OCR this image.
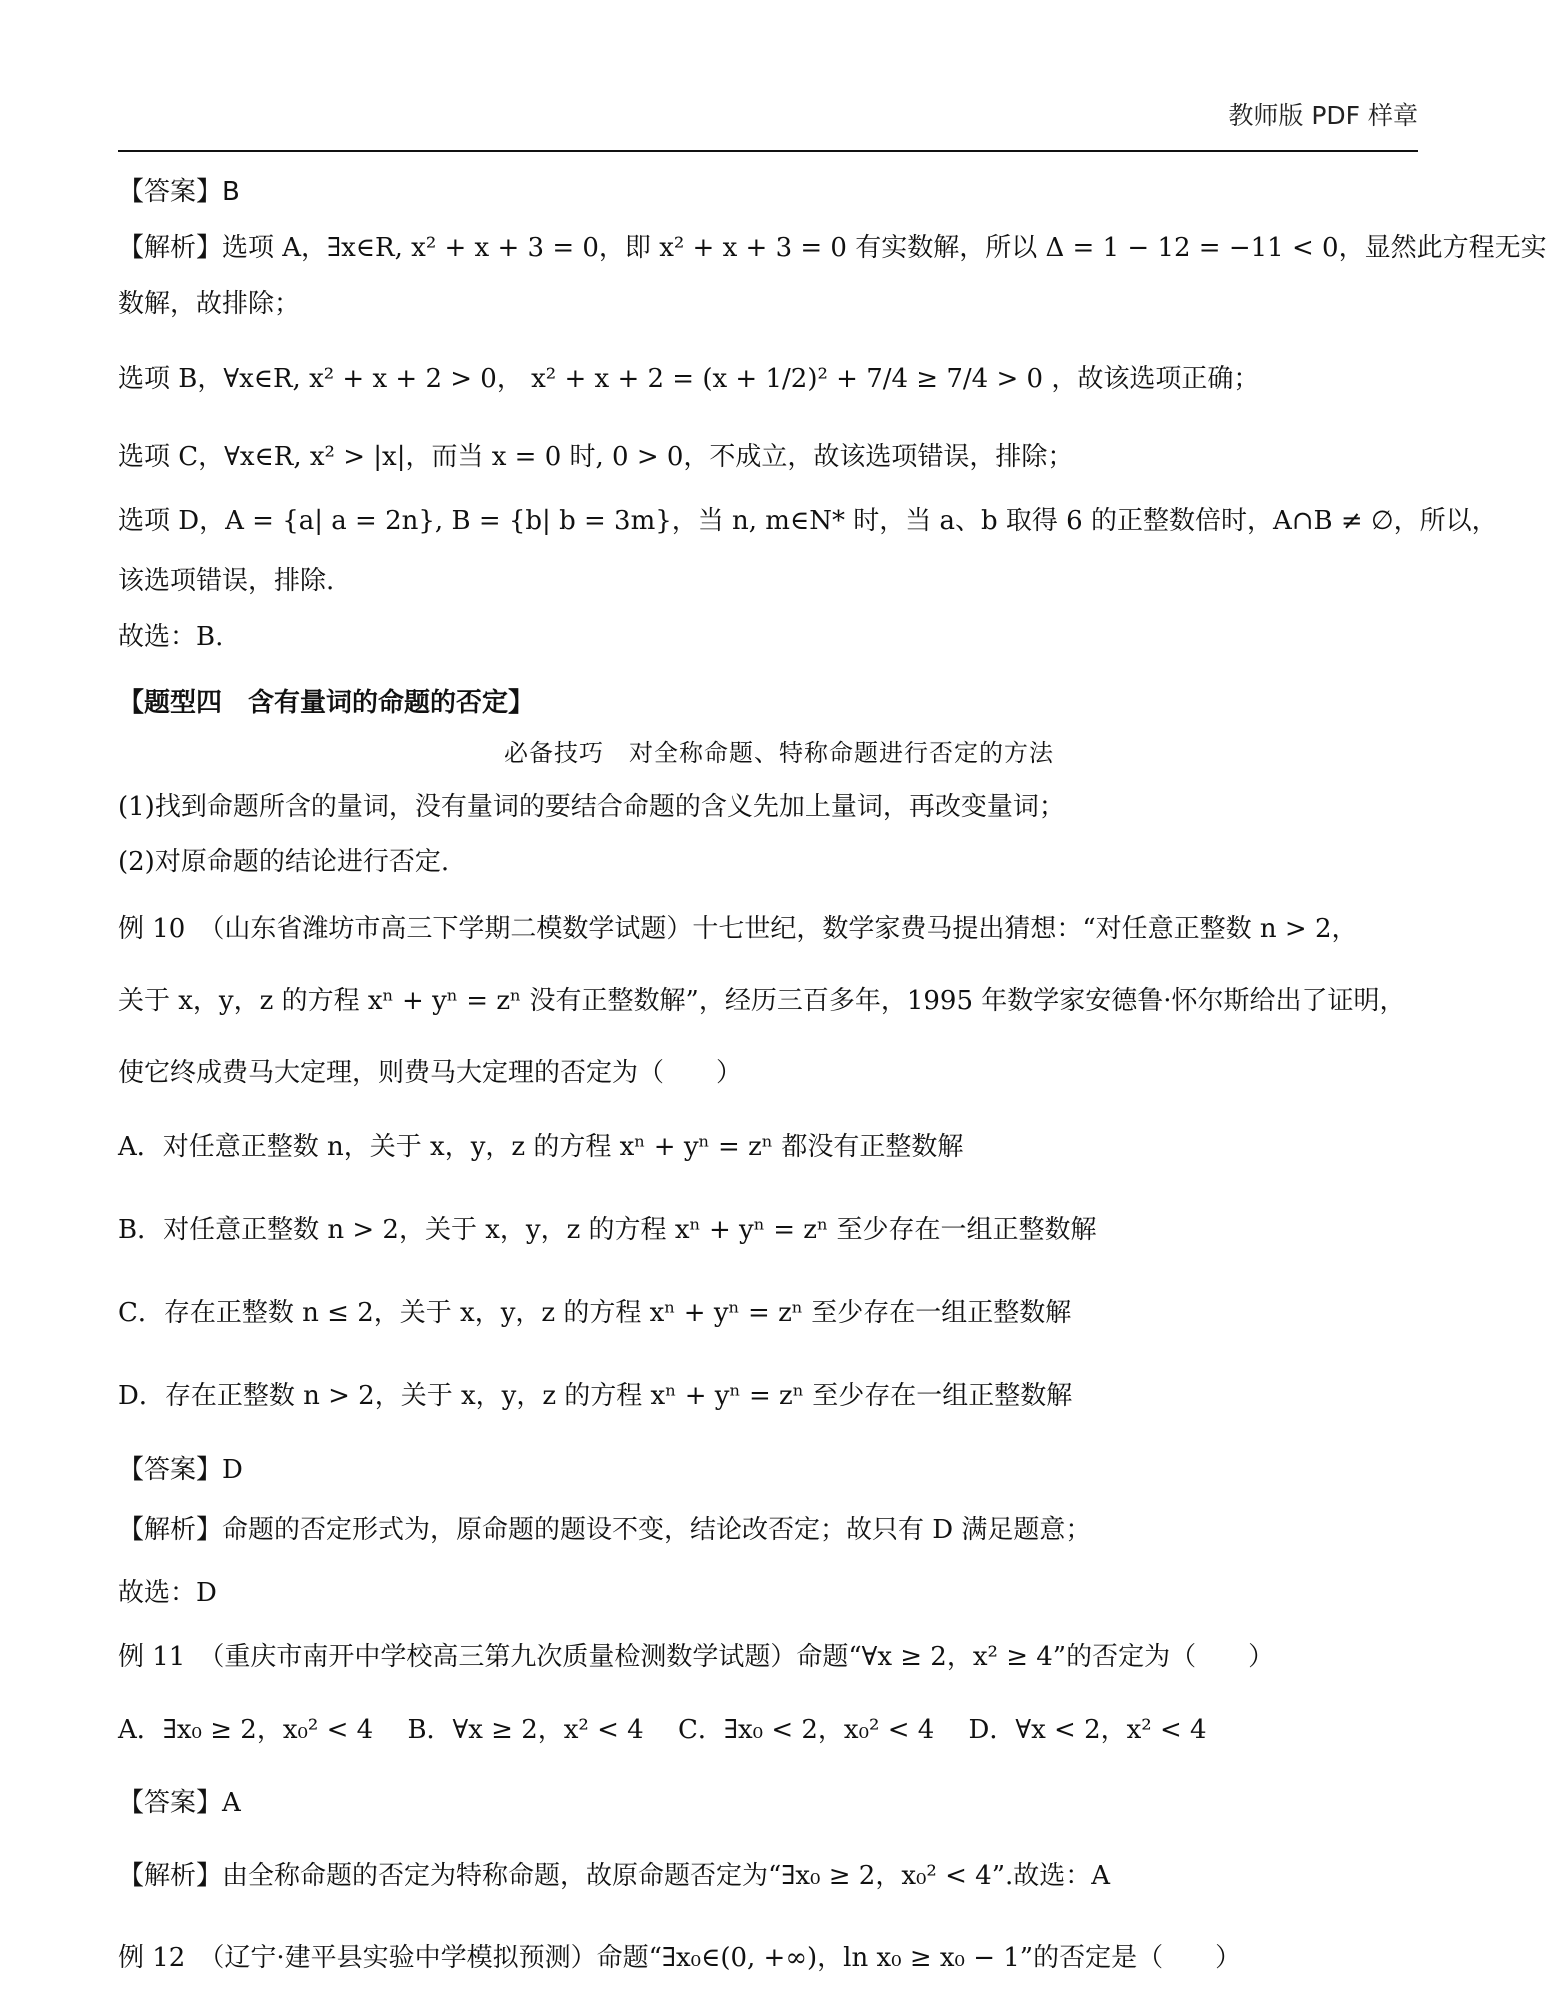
教师版 PDF 样章
【答案】B
【解析】选项 A，∃x∈R, x² + x + 3 = 0，即 x² + x + 3 = 0 有实数解，所以 Δ = 1 − 12 = −11 < 0，显然此方程无实
数解，故排除；
选项 B，∀x∈R, x² + x + 2 > 0， x² + x + 2 = (x + 1/2)² + 7/4 ≥ 7/4 > 0 ，故该选项正确；
选项 C，∀x∈R, x² > |x|，而当 x = 0 时, 0 > 0，不成立，故该选项错误，排除；
选项 D，A = {a| a = 2n}, B = {b| b = 3m}，当 n, m∈N* 时，当 a、b 取得 6 的正整数倍时，A∩B ≠ ∅，所以，
该选项错误，排除.
故选：B.
【题型四　含有量词的命题的否定】
必备技巧　对全称命题、特称命题进行否定的方法
(1)找到命题所含的量词，没有量词的要结合命题的含义先加上量词，再改变量词；
(2)对原命题的结论进行否定.
例 10　（山东省潍坊市高三下学期二模数学试题）十七世纪，数学家费马提出猜想：“对任意正整数 n > 2，
关于 x，y，z 的方程 xⁿ + yⁿ = zⁿ 没有正整数解”，经历三百多年，1995 年数学家安德鲁·怀尔斯给出了证明，
使它终成费马大定理，则费马大定理的否定为（　　）
A．对任意正整数 n，关于 x，y，z 的方程 xⁿ + yⁿ = zⁿ 都没有正整数解
B．对任意正整数 n > 2，关于 x，y，z 的方程 xⁿ + yⁿ = zⁿ 至少存在一组正整数解
C．存在正整数 n ≤ 2，关于 x，y，z 的方程 xⁿ + yⁿ = zⁿ 至少存在一组正整数解
D．存在正整数 n > 2，关于 x，y，z 的方程 xⁿ + yⁿ = zⁿ 至少存在一组正整数解
【答案】D
【解析】命题的否定形式为，原命题的题设不变，结论改否定；故只有 D 满足题意；
故选：D
例 11　（重庆市南开中学校高三第九次质量检测数学试题）命题“∀x ≥ 2，x² ≥ 4”的否定为（　　）
A．∃x₀ ≥ 2，x₀² < 4　 B．∀x ≥ 2，x² < 4　 C．∃x₀ < 2，x₀² < 4　 D．∀x < 2，x² < 4
【答案】A
【解析】由全称命题的否定为特称命题，故原命题否定为“∃x₀ ≥ 2，x₀² < 4”.故选：A
例 12　（辽宁·建平县实验中学模拟预测）命题“∃x₀∈(0, +∞)，ln x₀ ≥ x₀ − 1”的否定是（　　）
